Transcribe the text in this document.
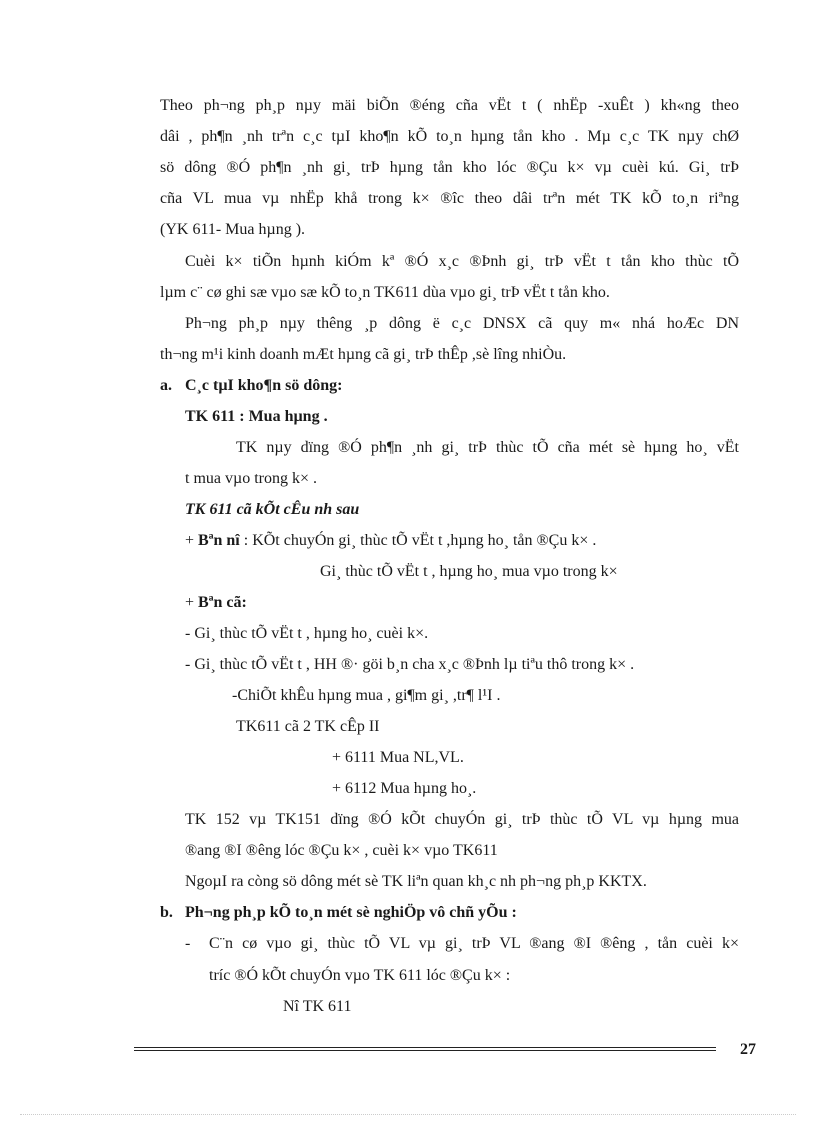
Theo ph¬ng ph¸p nµy mäi biÕn ®éng cña vËt t ( nhËp -xuÊt ) kh«ng theo
dâi , ph¶n ¸nh trªn c¸c tµI kho¶n kÕ to¸n hµng tån kho . Mµ c¸c TK nµy chØ
sö dông ®Ó ph¶n ¸nh gi¸ trÞ hµng tån kho lóc ®Çu k× vµ cuèi kú. Gi¸ trÞ
cña VL mua vµ nhËp khå trong k× ®îc theo dâi trªn mét TK kÕ to¸n riªng
(YK 611- Mua hµng ).
Cuèi k× tiÕn hµnh kiÓm kª ®Ó x¸c ®Þnh gi¸ trÞ vËt t tån kho thùc tÕ
lµm c¨ cø ghi sæ vµo sæ kÕ to¸n TK611 dùa vµo gi¸ trÞ vËt t tån kho.
Ph¬ng ph¸p nµy thêng ¸p dông ë c¸c DNSX cã quy m« nhá hoÆc DN
th¬ng m¹i kinh doanh mÆt hµng cã gi¸ trÞ thÊp ,sè lîng nhiÒu.
a. C¸c tµI kho¶n sö dông:
TK 611 : Mua hµng .
TK nµy dïng ®Ó ph¶n ¸nh gi¸ trÞ thùc tÕ cña mét sè hµng ho¸ vËt
t mua vµo trong k× .
TK 611 cã kÕt cÊu nh sau
+ Bªn nî : KÕt chuyÓn gi¸ thùc tÕ vËt t ,hµng ho¸ tån ®Çu k× .
Gi¸ thùc tÕ vËt t , hµng ho¸ mua vµo trong k×
+ Bªn cã:
- Gi¸ thùc tÕ vËt t , hµng ho¸ cuèi k×.
- Gi¸ thùc tÕ vËt t , HH ®· göi b¸n cha x¸c ®Þnh lµ tiªu thô trong k× .
-ChiÕt khÊu hµng mua , gi¶m gi¸ ,tr¶ l¹I .
TK611 cã 2 TK cÊp II
+ 6111 Mua NL,VL.
+ 6112 Mua hµng ho¸.
TK 152 vµ TK151 dïng ®Ó kÕt chuyÓn gi¸ trÞ thùc tÕ VL vµ hµng mua
®ang ®I ®êng lóc ®Çu k× , cuèi k× vµo TK611
NgoµI ra còng sö dông mét sè TK liªn quan kh¸c nh ph¬ng ph¸p KKTX.
b. Ph¬ng ph¸p kÕ to¸n mét sè nghiÖp vô chñ yÕu :
- C¨n cø vµo gi¸ thùc tÕ VL vµ gi¸ trÞ VL ®ang ®I ®êng , tån cuèi k×
tríc ®Ó kÕt chuyÓn vµo TK 611 lóc ®Çu k× :
Nî TK 611
27
